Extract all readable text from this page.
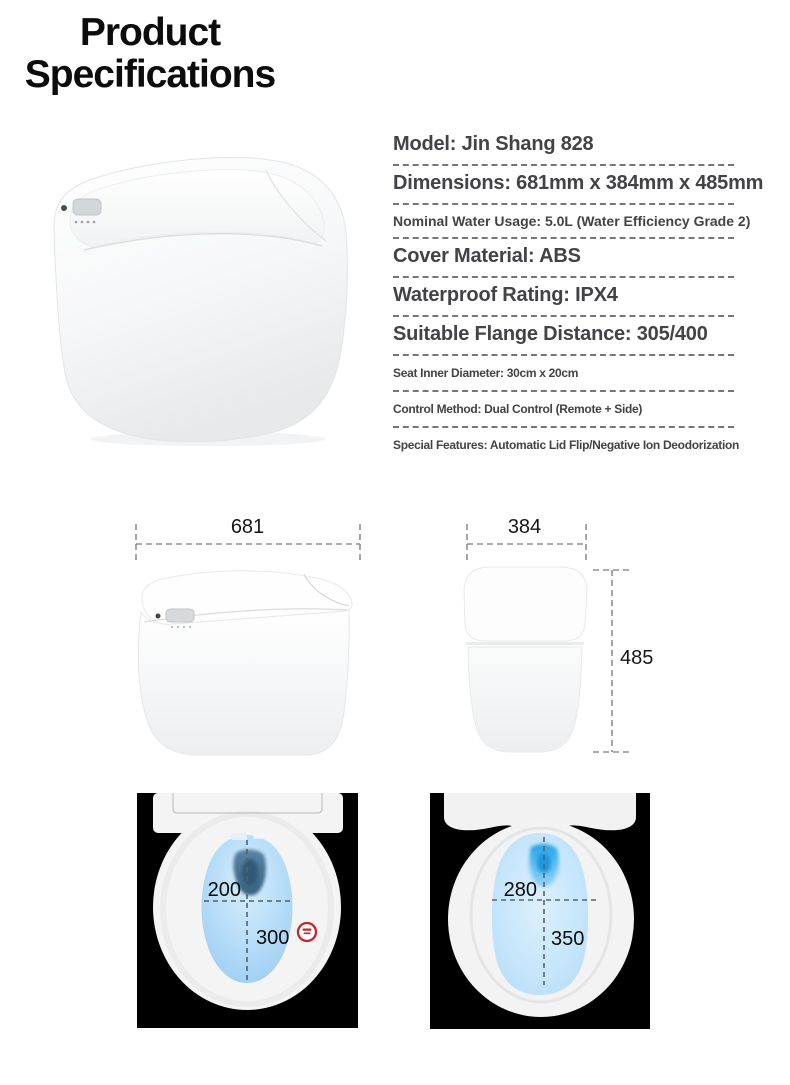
Product
Specifications
Model: Jin Shang 828
Dimensions: 681mm x 384mm x 485mm
Nominal Water Usage: 5.0L (Water Efficiency Grade 2)
Cover Material: ABS
Waterproof Rating: IPX4
Suitable Flange Distance: 305/400
Seat Inner Diameter: 30cm x 20cm
Control Method: Dual Control (Remote + Side)
Special Features: Automatic Lid Flip/Negative Ion Deodorization
681	384
485
200
300
280
350
